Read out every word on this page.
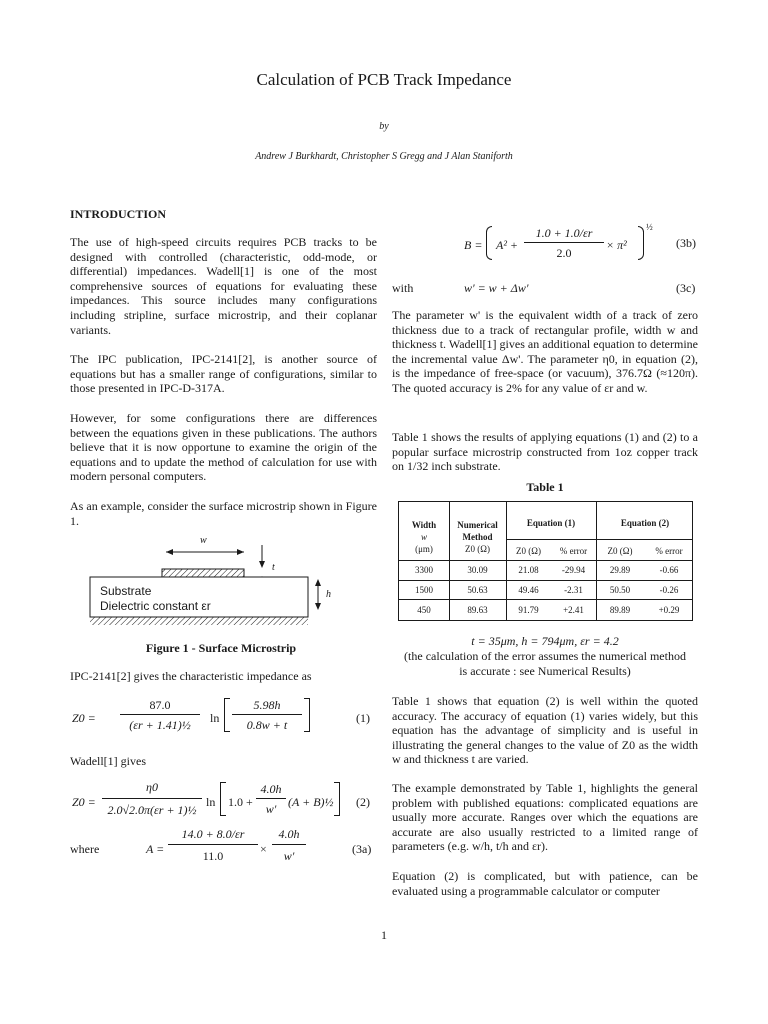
Calculation of PCB Track Impedance
by
Andrew J Burkhardt, Christopher S Gregg and J Alan Staniforth
INTRODUCTION

The use of high-speed circuits requires PCB tracks to be designed with controlled (characteristic, odd-mode, or differential) impedances. Wadell[1] is one of the most comprehensive sources of equations for evaluating these impedances. This source includes many configurations including stripline, surface microstrip, and their coplanar variants.

The IPC publication, IPC-2141[2], is another source of equations but has a smaller range of configurations, similar to those presented in IPC-D-317A.

However, for some configurations there are differences between the equations given in these publications. The authors believe that it is now opportune to examine the origin of the equations and to update the method of calculation for use with modern personal computers.

As an example, consider the surface microstrip shown in Figure 1.

w
t
h
Substrate
Dielectric constant εr
Figure 1 - Surface Microstrip
IPC-2141[2] gives the characteristic impedance as
Z0 =
87.0
(εr + 1.41)½	ln
5.98h
0.8w + t	(1)
Wadell[1] gives
Z0 =
η0
2.0√2.0π(εr + 1)½
ln 1.0 +
4.0h
w' (A + B)½ (2)
where	A =
14.0 + 8.0/εr
11.0	×
4.0h
w'	(3a)
B = A² +
1.0 + 1.0/εr
2.0
× π²
½
(3b)
with	w' = w + Δw'	(3c)

The parameter w' is the equivalent width of a track of zero thickness due to a track of rectangular profile, width w and thickness t. Wadell[1] gives an additional equation to determine the incremental value Δw'. The parameter η0, in equation (2), is the impedance of free-space (or vacuum), 376.7Ω (≈120π). The quoted accuracy is 2% for any value of εr and w.

Table 1 shows the results of applying equations (1) and (2) to a popular surface microstrip constructed from 1oz copper track on 1/32 inch substrate.

Table 1
Width
w
(μm)
Numerical
Method
Z0 (Ω)
Equation (1)	Equation (2)
Z0 (Ω)	% error	Z0 (Ω)	% error
3300	30.09	21.08	-29.94	29.89	-0.66
1500	50.63	49.46	-2.31	50.50	-0.26
450	89.63	91.79	+2.41	89.89	+0.29
t = 35μm, h = 794μm, εr = 4.2
(the calculation of the error assumes the numerical method
is accurate : see Numerical Results)

Table 1 shows that equation (2) is well within the quoted accuracy. The accuracy of equation (1) varies widely, but this equation has the advantage of simplicity and is useful in illustrating the general changes to the value of Z0 as the width w and thickness t are varied.

The example demonstrated by Table 1, highlights the general problem with published equations: complicated equations are usually more accurate. Ranges over which the equations are accurate are also usually restricted to a limited range of parameters (e.g. w/h, t/h and εr).

Equation (2) is complicated, but with patience, can be evaluated using a programmable calculator or computer

1
